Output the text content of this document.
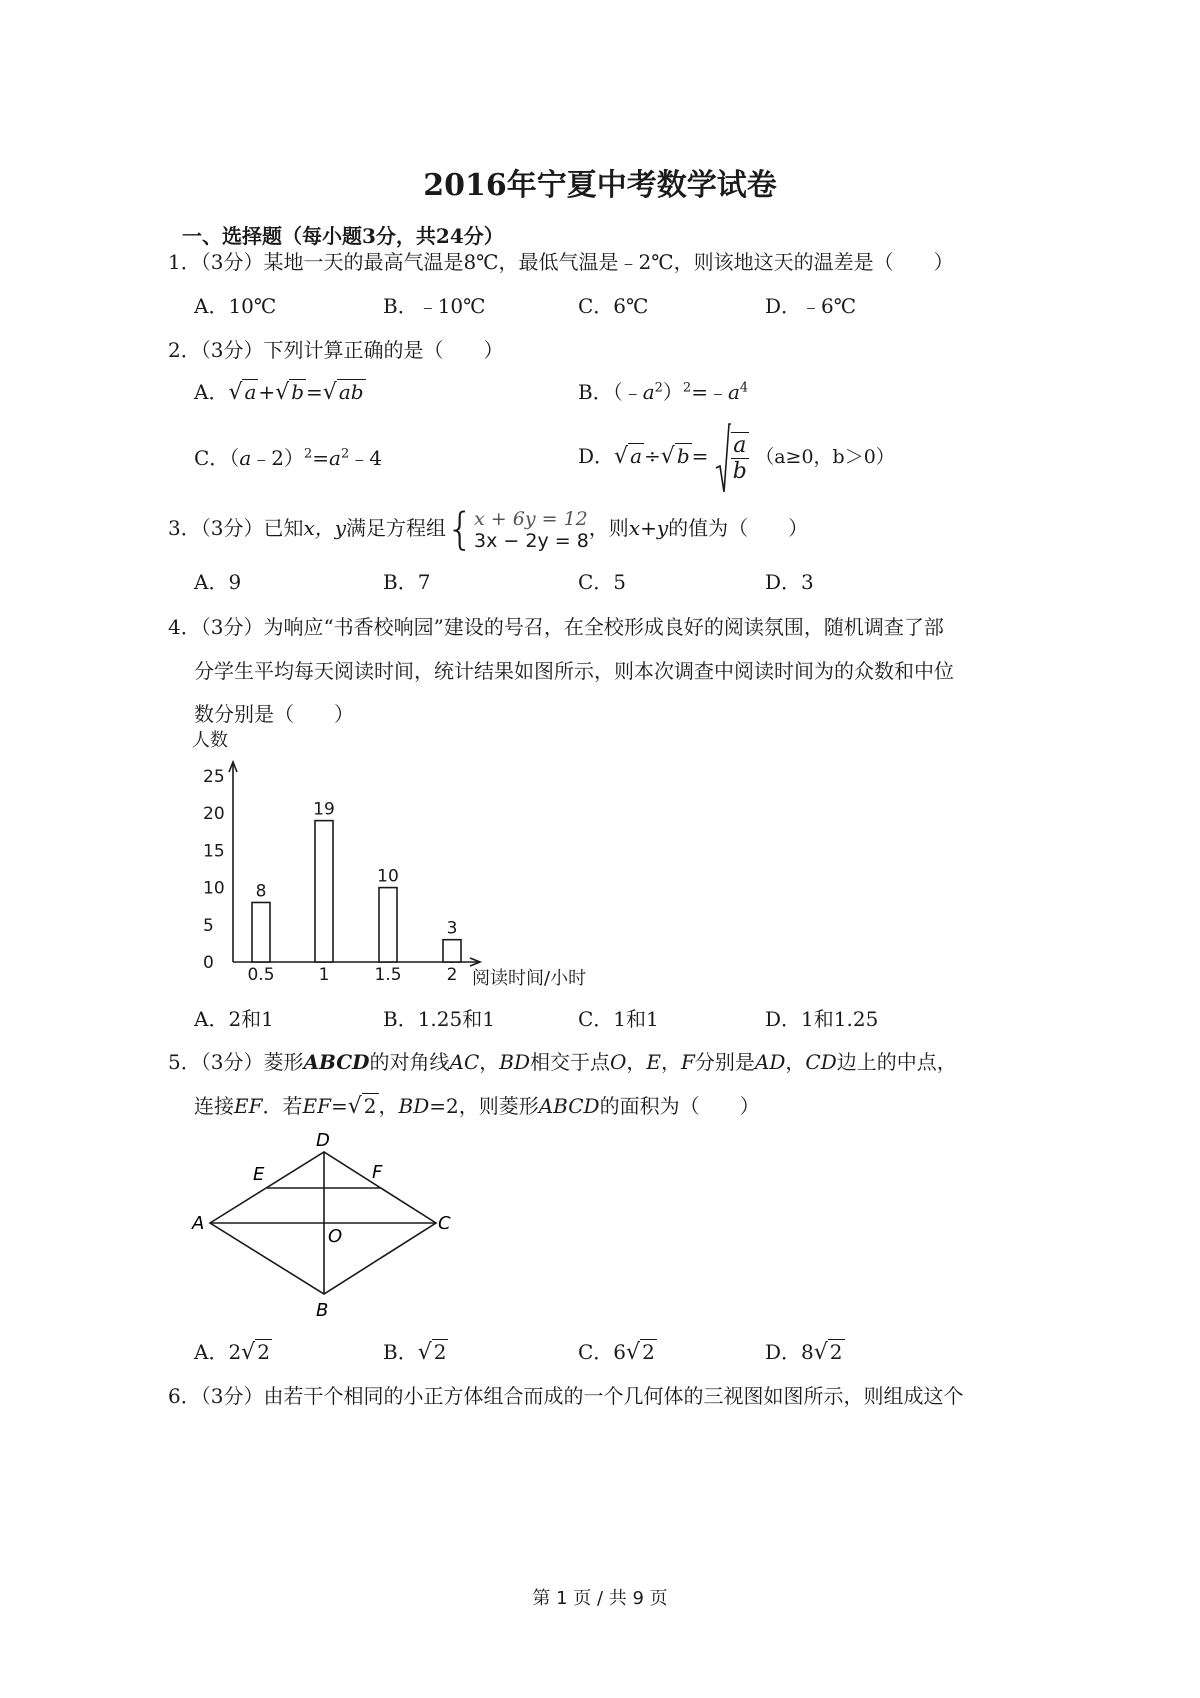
2016年宁夏中考数学试卷
一、选择题（每小题3分，共24分）
1．（3分）某地一天的最高气温是8℃，最低气温是﹣2℃，则该地这天的温差是（　　）
A．10℃	B．﹣10℃	C．6℃	D．﹣6℃
2．（3分）下列计算正确的是（　　）
A．√ a +√ b =√ ab	B．$(﹣a^2)^2=﹣a^4$
C．$(a﹣2)^2=a^2﹣4$	D．√ a ÷√ $b = \frac{a}{b} (a\ge 0$，b＞0）
3．（3分）已知x，y满足方程组{ x + 6y = 12
3x − 2y = 8
，则x+y的值为（　　）
A．9	B．7	C．5	D．3
4．（3分）为响应“书香校响园”建设的号召，在全校形成良好的阅读氛围，随机调查了部
分学生平均每天阅读时间，统计结果如图所示，则本次调查中阅读时间为的众数和中位
数分别是（　　）
人数
阅读时间/小时
0
5
10
15
20
25
0.5	1	1.5	2
8
19
10
3
A．2和1	B．1.25和1	C．1和1	D．1和1.25
5．（3分）菱形ABCD的对角线AC，BD相交于点O，E，F分别是AD，CD边上的中点，
连接EF．若EF=√ 2 ，BD=2，则菱形ABCD的面积为（　　）
D
E	F
A
O
C
B
A．2√ 2	B．√ 2	C．6√ 2	D．8√ 2
6．（3分）由若干个相同的小正方体组合而成的一个几何体的三视图如图所示，则组成这个
第 1 页 / 共 9 页
